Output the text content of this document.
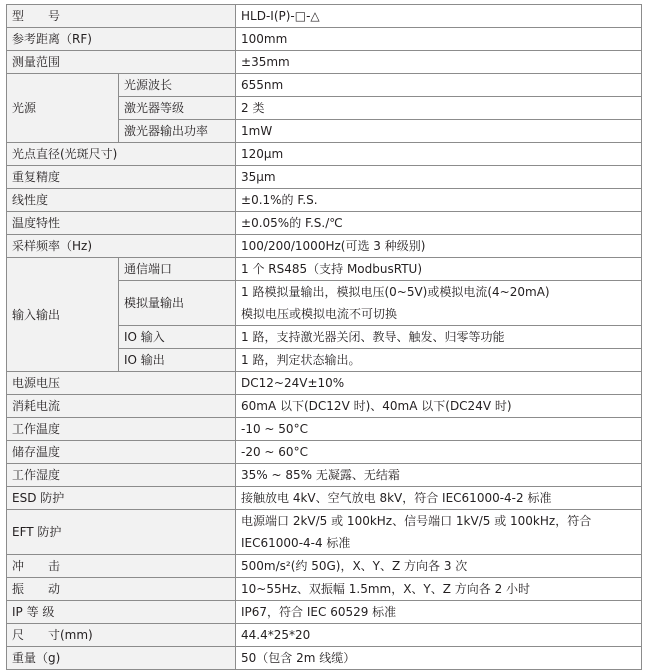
型　　号		HLD-Ⅰ(P)-□-△
参考距离（RF)		100mm
测量范围		±35mm
光源	光源波长	655nm
	激光器等级	2 类
	激光器输出功率	1mW
光点直径(光斑尺寸)		120µm
重复精度		35µm
线性度		±0.1%的 F.S.
温度特性		±0.05%的 F.S./℃
采样频率（Hz)		100/200/1000Hz(可选 3 种级别)
输入输出	通信端口	1 个 RS485（支持 ModbusRTU)
	模拟量输出	1 路模拟量输出，模拟电压(0~5V)或模拟电流(4~20mA)
模拟电压或模拟电流不可切换

	IO 输入	1 路，支持激光器关闭、教导、触发、归零等功能
	IO 输出	1 路，判定状态输出。
电源电压		DC12~24V±10%
消耗电流		60mA 以下(DC12V 时)、40mA 以下(DC24V 时)
工作温度		-10 ~ 50°C
储存温度		-20 ~ 60°C
工作湿度		35% ~ 85% 无凝露、无结霜
ESD 防护		接触放电 4kV、空气放电 8kV，符合 IEC61000-4-2 标准
EFT 防护		电源端口 2kV/5 或 100kHz、信号端口 1kV/5 或 100kHz，符合
IEC61000-4-4 标准

冲　　击		500m/s²(约 50G)，X、Y、Z 方向各 3 次
振　　动		10~55Hz、双振幅 1.5mm，X、Y、Z 方向各 2 小时
IP 等 级		IP67，符合 IEC 60529 标准
尺　　寸(mm)		44.4*25*20
重量（g)		50（包含 2m 线缆）
